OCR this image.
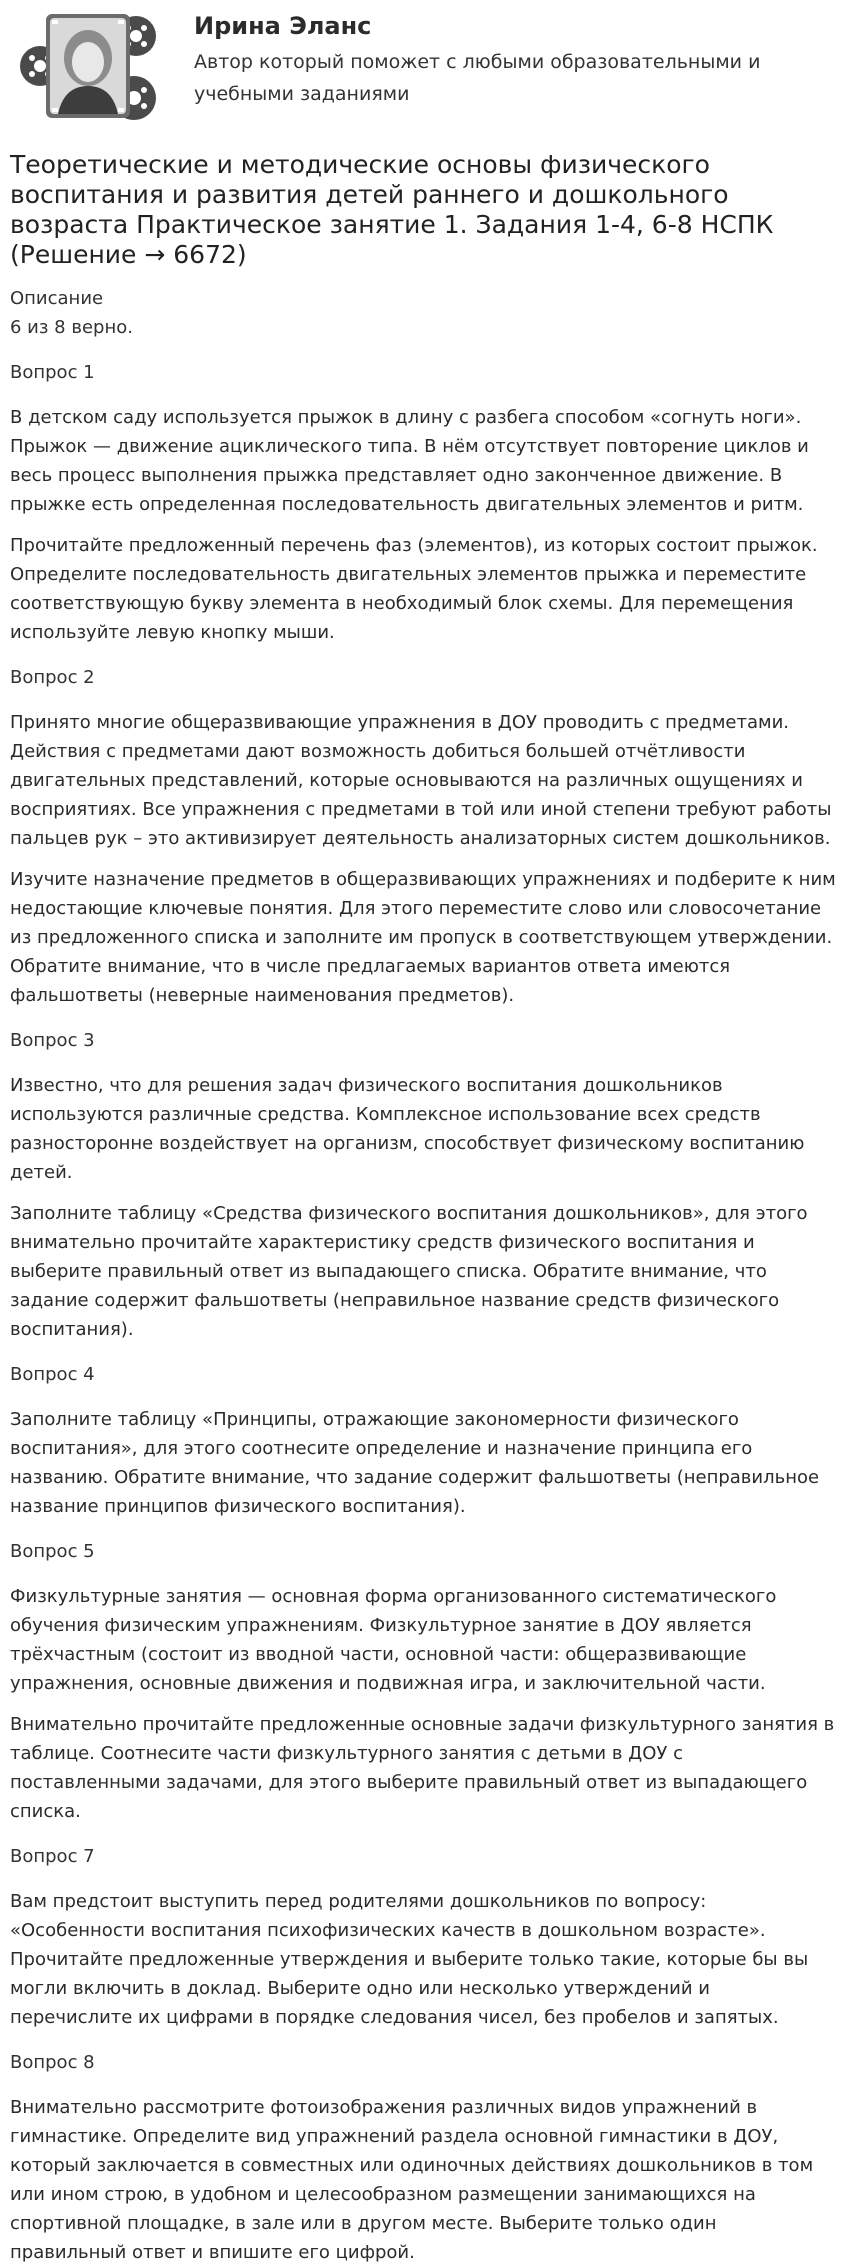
Ирина Эланс
Автор который поможет с любыми образовательными и учебными заданиями
Теоретические и методические основы физического воспитания и развития детей раннего и дошкольного возраста Практическое занятие 1. Задания 1-4, 6-8 НСПК (Решение → 6672)
Описание
6 из 8 верно.
Вопрос 1

В детском саду используется прыжок в длину с разбега способом «согнуть ноги». Прыжок — движение ациклического типа. В нём отсутствует повторение циклов и весь процесс выполнения прыжка представляет одно законченное движение. В прыжке есть определенная последовательность двигательных элементов и ритм.

Прочитайте предложенный перечень фаз (элементов), из которых состоит прыжок. Определите последовательность двигательных элементов прыжка и переместите соответствующую букву элемента в необходимый блок схемы. Для перемещения используйте левую кнопку мыши.

Вопрос 2

Принято многие общеразвивающие упражнения в ДОУ проводить с предметами. Действия с предметами дают возможность добиться большей отчётливости двигательных представлений, которые основываются на различных ощущениях и восприятиях. Все упражнения с предметами в той или иной степени требуют работы пальцев рук – это активизирует деятельность анализаторных систем дошкольников.

Изучите назначение предметов в общеразвивающих упражнениях и подберите к ним недостающие ключевые понятия. Для этого переместите слово или словосочетание из предложенного списка и заполните им пропуск в соответствующем утверждении. Обратите внимание, что в числе предлагаемых вариантов ответа имеются фальшответы (неверные наименования предметов).

Вопрос 3

Известно, что для решения задач физического воспитания дошкольников используются различные средства. Комплексное использование всех средств разносторонне воздействует на организм, способствует физическому воспитанию детей.

Заполните таблицу «Средства физического воспитания дошкольников», для этого внимательно прочитайте характеристику средств физического воспитания и выберите правильный ответ из выпадающего списка. Обратите внимание, что задание содержит фальшответы (неправильное название средств физического воспитания).

Вопрос 4

Заполните таблицу «Принципы, отражающие закономерности физического воспитания», для этого соотнесите определение и назначение принципа его названию. Обратите внимание, что задание содержит фальшответы (неправильное название принципов физического воспитания).

Вопрос 5

Физкультурные занятия — основная форма организованного систематического обучения физическим упражнениям. Физкультурное занятие в ДОУ является трёхчастным (состоит из вводной части, основной части: общеразвивающие упражнения, основные движения и подвижная игра, и заключительной части.

Внимательно прочитайте предложенные основные задачи физкультурного занятия в таблице. Соотнесите части физкультурного занятия с детьми в ДОУ с поставленными задачами, для этого выберите правильный ответ из выпадающего списка.

Вопрос 7

Вам предстоит выступить перед родителями дошкольников по вопросу: «Особенности воспитания психофизических качеств в дошкольном возрасте». Прочитайте предложенные утверждения и выберите только такие, которые бы вы могли включить в доклад. Выберите одно или несколько утверждений и перечислите их цифрами в порядке следования чисел, без пробелов и запятых.

Вопрос 8

Внимательно рассмотрите фотоизображения различных видов упражнений в гимнастике. Определите вид упражнений раздела основной гимнастики в ДОУ, который заключается в совместных или одиночных действиях дошкольников в том или ином строю, в удобном и целесообразном размещении занимающихся на спортивной площадке, в зале или в другом месте. Выберите только один правильный ответ и впишите его цифрой.
